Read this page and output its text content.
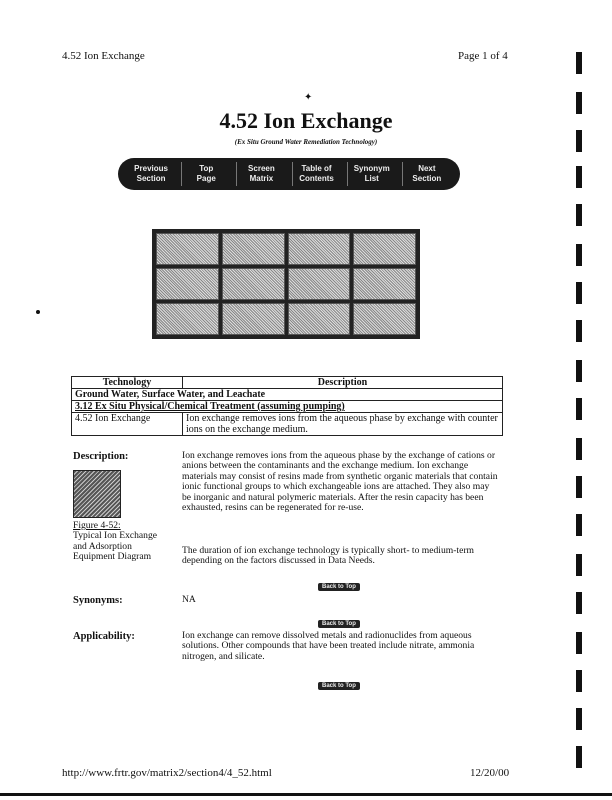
4.52 Ion Exchange	Page 1 of 4
✦
4.52 Ion Exchange
(Ex Situ Ground Water Remediation Technology)
Previous
Section
Top
Page
Screen
Matrix
Table of
Contents
Synonym
List
Next
Section
Technology	Description
Ground Water, Surface Water, and Leachate	
3.12 Ex Situ Physical/Chemical Treatment (assuming pumping)	
4.52 Ion Exchange	Ion exchange removes ions from the aqueous phase by exchange with counter ions on the exchange medium.
Description:	Ion exchange removes ions from the aqueous phase by the exchange of cations or anions between the contaminants and the exchange medium. Ion exchange materials may consist of resins made from synthetic organic materials that contain ionic functional groups to which exchangeable ions are attached. They also may be inorganic and natural polymeric materials. After the resin capacity has been exhausted, resins can be regenerated for re-use.
Figure 4-52:
Typical Ion Exchange and Adsorption Equipment Diagram
The duration of ion exchange technology is typically short- to medium-term depending on the factors discussed in Data Needs.
Back to Top
Synonyms:	NA
Back to Top
Applicability:	Ion exchange can remove dissolved metals and radionuclides from aqueous solutions. Other compounds that have been treated include nitrate, ammonia nitrogen, and silicate.
Back to Top
http://www.frtr.gov/matrix2/section4/4_52.html	12/20/00
